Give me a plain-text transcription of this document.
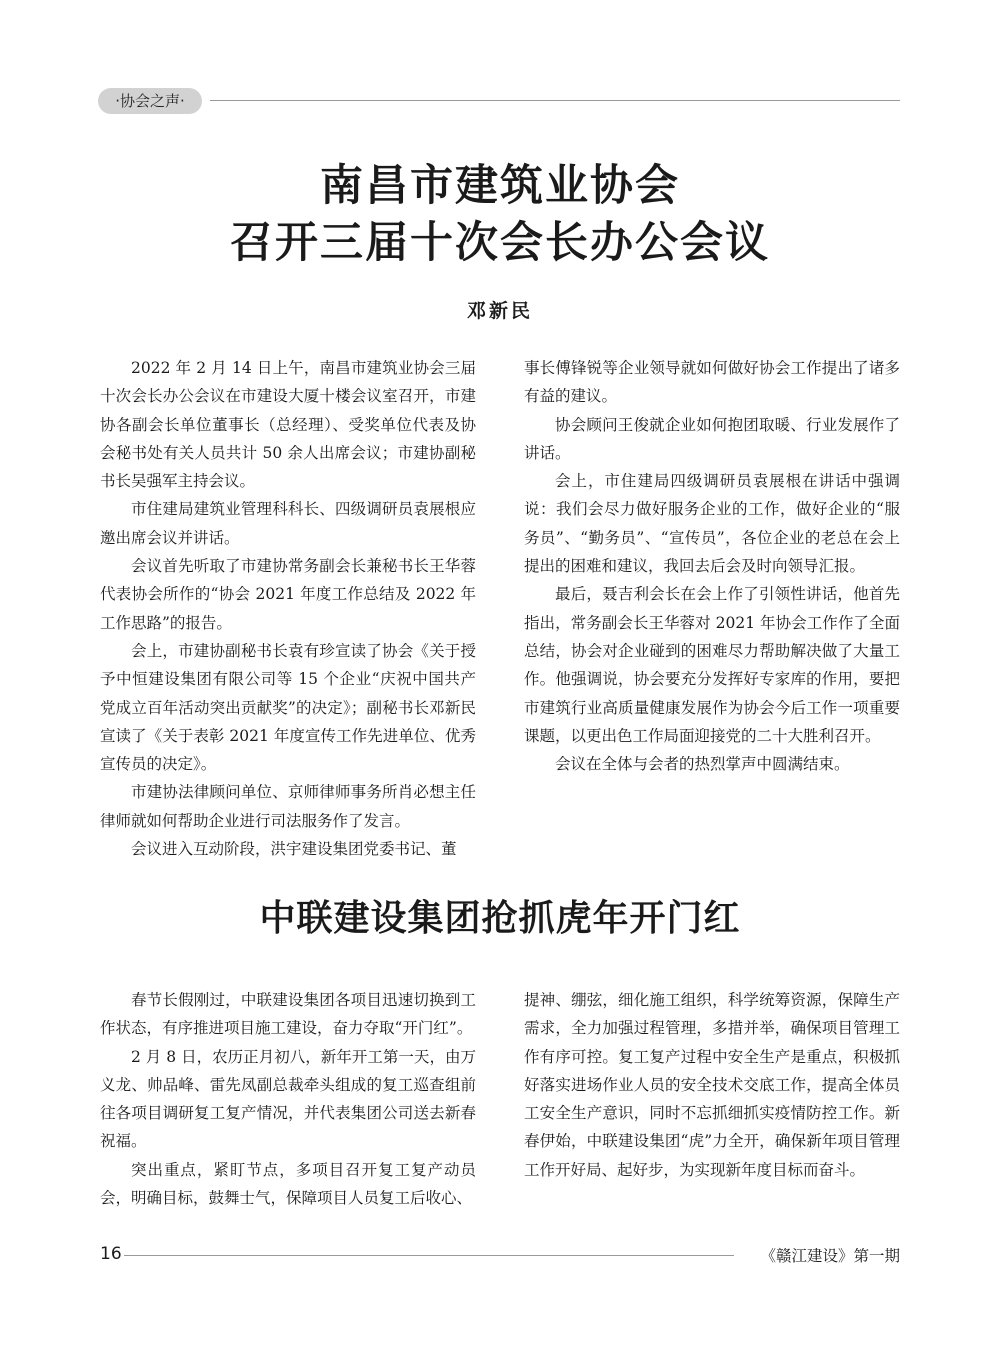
·协会之声·
南昌市建筑业协会
召开三届十次会长办公会议
邓新民

2022 年 2 月 14 日上午，南昌市建筑业协会三届十次会长办公会议在市建设大厦十楼会议室召开，市建协各副会长单位董事长（总经理）、受奖单位代表及协会秘书处有关人员共计 50 余人出席会议；市建协副秘书长吴强军主持会议。

市住建局建筑业管理科科长、四级调研员袁展根应邀出席会议并讲话。

会议首先听取了市建协常务副会长兼秘书长王华蓉代表协会所作的“协会 2021 年度工作总结及 2022 年工作思路”的报告。

会上，市建协副秘书长袁有珍宣读了协会《关于授予中恒建设集团有限公司等 15 个企业“庆祝中国共产党成立百年活动突出贡献奖”的决定》；副秘书长邓新民宣读了《关于表彰 2021 年度宣传工作先进单位、优秀宣传员的决定》。

市建协法律顾问单位、京师律师事务所肖必想主任律师就如何帮助企业进行司法服务作了发言。

会议进入互动阶段，洪宇建设集团党委书记、董

事长傅锋锐等企业领导就如何做好协会工作提出了诸多有益的建议。

协会顾问王俊就企业如何抱团取暖、行业发展作了讲话。

会上，市住建局四级调研员袁展根在讲话中强调说：我们会尽力做好服务企业的工作，做好企业的“服务员”、“勤务员”、“宣传员”，各位企业的老总在会上提出的困难和建议，我回去后会及时向领导汇报。

最后，聂吉利会长在会上作了引领性讲话，他首先指出，常务副会长王华蓉对 2021 年协会工作作了全面总结，协会对企业碰到的困难尽力帮助解决做了大量工作。他强调说，协会要充分发挥好专家库的作用，要把市建筑行业高质量健康发展作为协会今后工作一项重要课题，以更出色工作局面迎接党的二十大胜利召开。

会议在全体与会者的热烈掌声中圆满结束。

中联建设集团抢抓虎年开门红

春节长假刚过，中联建设集团各项目迅速切换到工作状态，有序推进项目施工建设，奋力夺取“开门红”。

2 月 8 日，农历正月初八，新年开工第一天，由万义龙、帅品峰、雷先凤副总裁牵头组成的复工巡查组前往各项目调研复工复产情况，并代表集团公司送去新春祝福。

突出重点，紧盯节点，多项目召开复工复产动员会，明确目标，鼓舞士气，保障项目人员复工后收心、

提神、绷弦，细化施工组织，科学统筹资源，保障生产需求，全力加强过程管理，多措并举，确保项目管理工作有序可控。复工复产过程中安全生产是重点，积极抓好落实进场作业人员的安全技术交底工作，提高全体员工安全生产意识，同时不忘抓细抓实疫情防控工作。新春伊始，中联建设集团“虎”力全开，确保新年项目管理工作开好局、起好步，为实现新年度目标而奋斗。

16	《赣江建设》第一期
